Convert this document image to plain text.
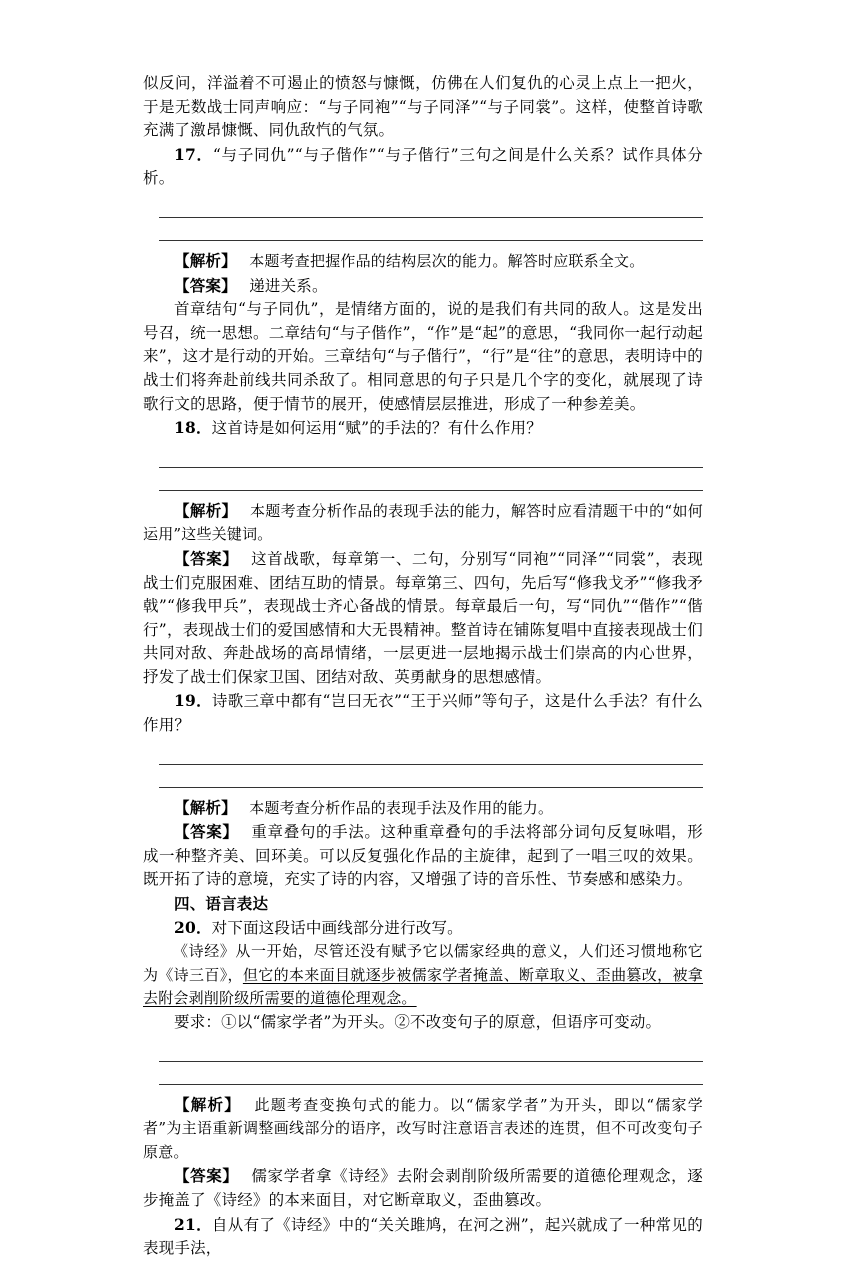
似反问，洋溢着不可遏止的愤怒与慷慨，仿佛在人们复仇的心灵上点上一把火，于是无数战士同声响应：“与子同袍”“与子同泽”“与子同裳”。这样，使整首诗歌充满了激昂慷慨、同仇敌忾的气氛。

17．“与子同仇”“与子偕作”“与子偕行”三句之间是什么关系？试作具体分析。

【解析】 本题考查把握作品的结构层次的能力。解答时应联系全文。

【答案】 递进关系。

首章结句“与子同仇”，是情绪方面的，说的是我们有共同的敌人。这是发出号召，统一思想。二章结句“与子偕作”，“作”是“起”的意思，“我同你一起行动起来”，这才是行动的开始。三章结句“与子偕行”，“行”是“往”的意思，表明诗中的战士们将奔赴前线共同杀敌了。相同意思的句子只是几个字的变化，就展现了诗歌行文的思路，便于情节的展开，使感情层层推进，形成了一种参差美。

18．这首诗是如何运用“赋”的手法的？有什么作用？

【解析】 本题考查分析作品的表现手法的能力，解答时应看清题干中的“如何运用”这些关键词。

【答案】 这首战歌，每章第一、二句，分别写“同袍”“同泽”“同裳”，表现战士们克服困难、团结互助的情景。每章第三、四句，先后写“修我戈矛”“修我矛戟”“修我甲兵”，表现战士齐心备战的情景。每章最后一句，写“同仇”“偕作”“偕行”，表现战士们的爱国感情和大无畏精神。整首诗在铺陈复唱中直接表现战士们共同对敌、奔赴战场的高昂情绪，一层更进一层地揭示战士们崇高的内心世界，抒发了战士们保家卫国、团结对敌、英勇献身的思想感情。

19．诗歌三章中都有“岂曰无衣”“王于兴师”等句子，这是什么手法？有什么作用？

【解析】 本题考查分析作品的表现手法及作用的能力。

【答案】 重章叠句的手法。这种重章叠句的手法将部分词句反复咏唱，形成一种整齐美、回环美。可以反复强化作品的主旋律，起到了一唱三叹的效果。既开拓了诗的意境，充实了诗的内容，又增强了诗的音乐性、节奏感和感染力。

四、语言表达

20．对下面这段话中画线部分进行改写。

《诗经》从一开始，尽管还没有赋予它以儒家经典的意义，人们还习惯地称它为《诗三百》，但它的本来面目就逐步被儒家学者掩盖、断章取义、歪曲篡改，被拿去附会剥削阶级所需要的道德伦理观念。

要求：①以“儒家学者”为开头。②不改变句子的原意，但语序可变动。

【解析】 此题考查变换句式的能力。以“儒家学者”为开头，即以“儒家学者”为主语重新调整画线部分的语序，改写时注意语言表述的连贯，但不可改变句子原意。

【答案】 儒家学者拿《诗经》去附会剥削阶级所需要的道德伦理观念，逐步掩盖了《诗经》的本来面目，对它断章取义，歪曲篡改。

21．自从有了《诗经》中的“关关雎鸠，在河之洲”，起兴就成了一种常见的表现手法，
